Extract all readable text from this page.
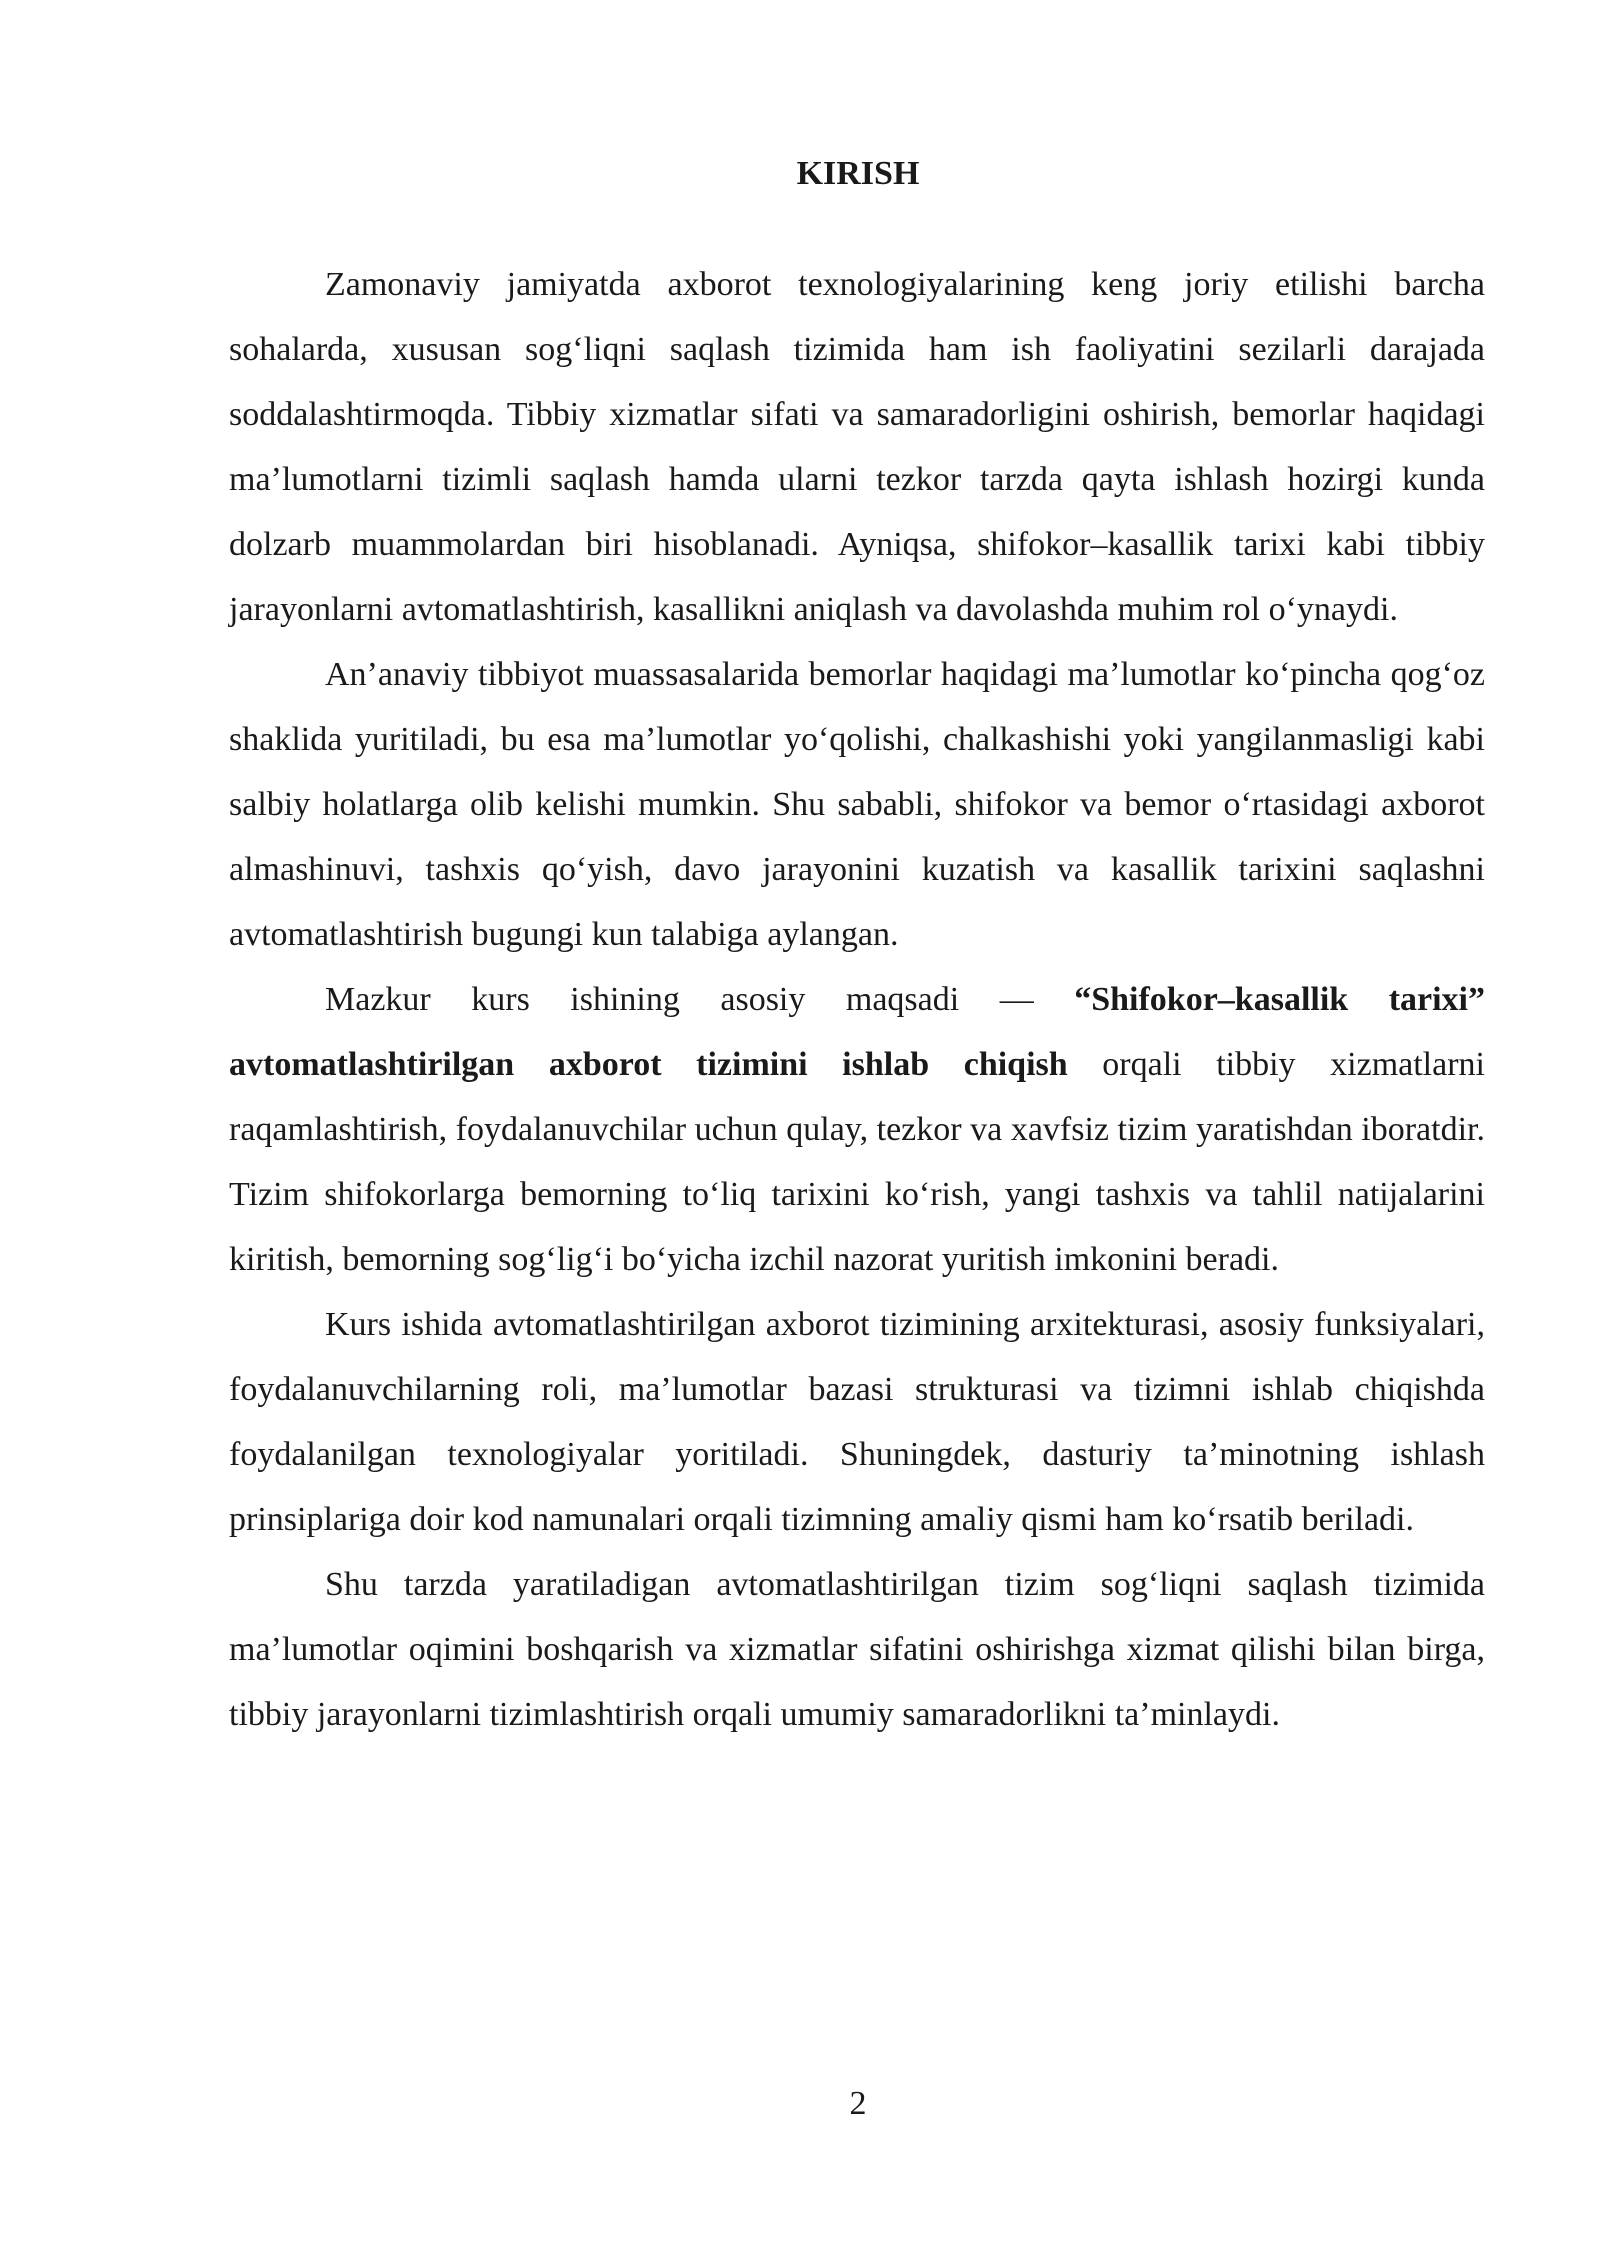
KIRISH

Zamonaviy jamiyatda axborot texnologiyalarining keng joriy etilishi barcha sohalarda, xususan sog‘liqni saqlash tizimida ham ish faoliyatini sezilarli darajada soddalashtirmoqda. Tibbiy xizmatlar sifati va samaradorligini oshirish, bemorlar haqidagi ma’lumotlarni tizimli saqlash hamda ularni tezkor tarzda qayta ishlash hozirgi kunda dolzarb muammolardan biri hisoblanadi. Ayniqsa, shifokor–kasallik tarixi kabi tibbiy jarayonlarni avtomatlashtirish, kasallikni aniqlash va davolashda muhim rol o‘ynaydi.

An’anaviy tibbiyot muassasalarida bemorlar haqidagi ma’lumotlar ko‘pincha qog‘oz shaklida yuritiladi, bu esa ma’lumotlar yo‘qolishi, chalkashishi yoki yangilanmasligi kabi salbiy holatlarga olib kelishi mumkin. Shu sababli, shifokor va bemor o‘rtasidagi axborot almashinuvi, tashxis qo‘yish, davo jarayonini kuzatish va kasallik tarixini saqlashni avtomatlashtirish bugungi kun talabiga aylangan.

Mazkur kurs ishining asosiy maqsadi — “Shifokor–kasallik tarixi” avtomatlashtirilgan axborot tizimini ishlab chiqish orqali tibbiy xizmatlarni raqamlashtirish, foydalanuvchilar uchun qulay, tezkor va xavfsiz tizim yaratishdan iboratdir. Tizim shifokorlarga bemorning to‘liq tarixini ko‘rish, yangi tashxis va tahlil natijalarini kiritish, bemorning sog‘lig‘i bo‘yicha izchil nazorat yuritish imkonini beradi.

Kurs ishida avtomatlashtirilgan axborot tizimining arxitekturasi, asosiy funksiyalari, foydalanuvchilarning roli, ma’lumotlar bazasi strukturasi va tizimni ishlab chiqishda foydalanilgan texnologiyalar yoritiladi. Shuningdek, dasturiy ta’minotning ishlash prinsiplariga doir kod namunalari orqali tizimning amaliy qismi ham ko‘rsatib beriladi.

Shu tarzda yaratiladigan avtomatlashtirilgan tizim sog‘liqni saqlash tizimida ma’lumotlar oqimini boshqarish va xizmatlar sifatini oshirishga xizmat qilishi bilan birga, tibbiy jarayonlarni tizimlashtirish orqali umumiy samaradorlikni ta’minlaydi.

2
